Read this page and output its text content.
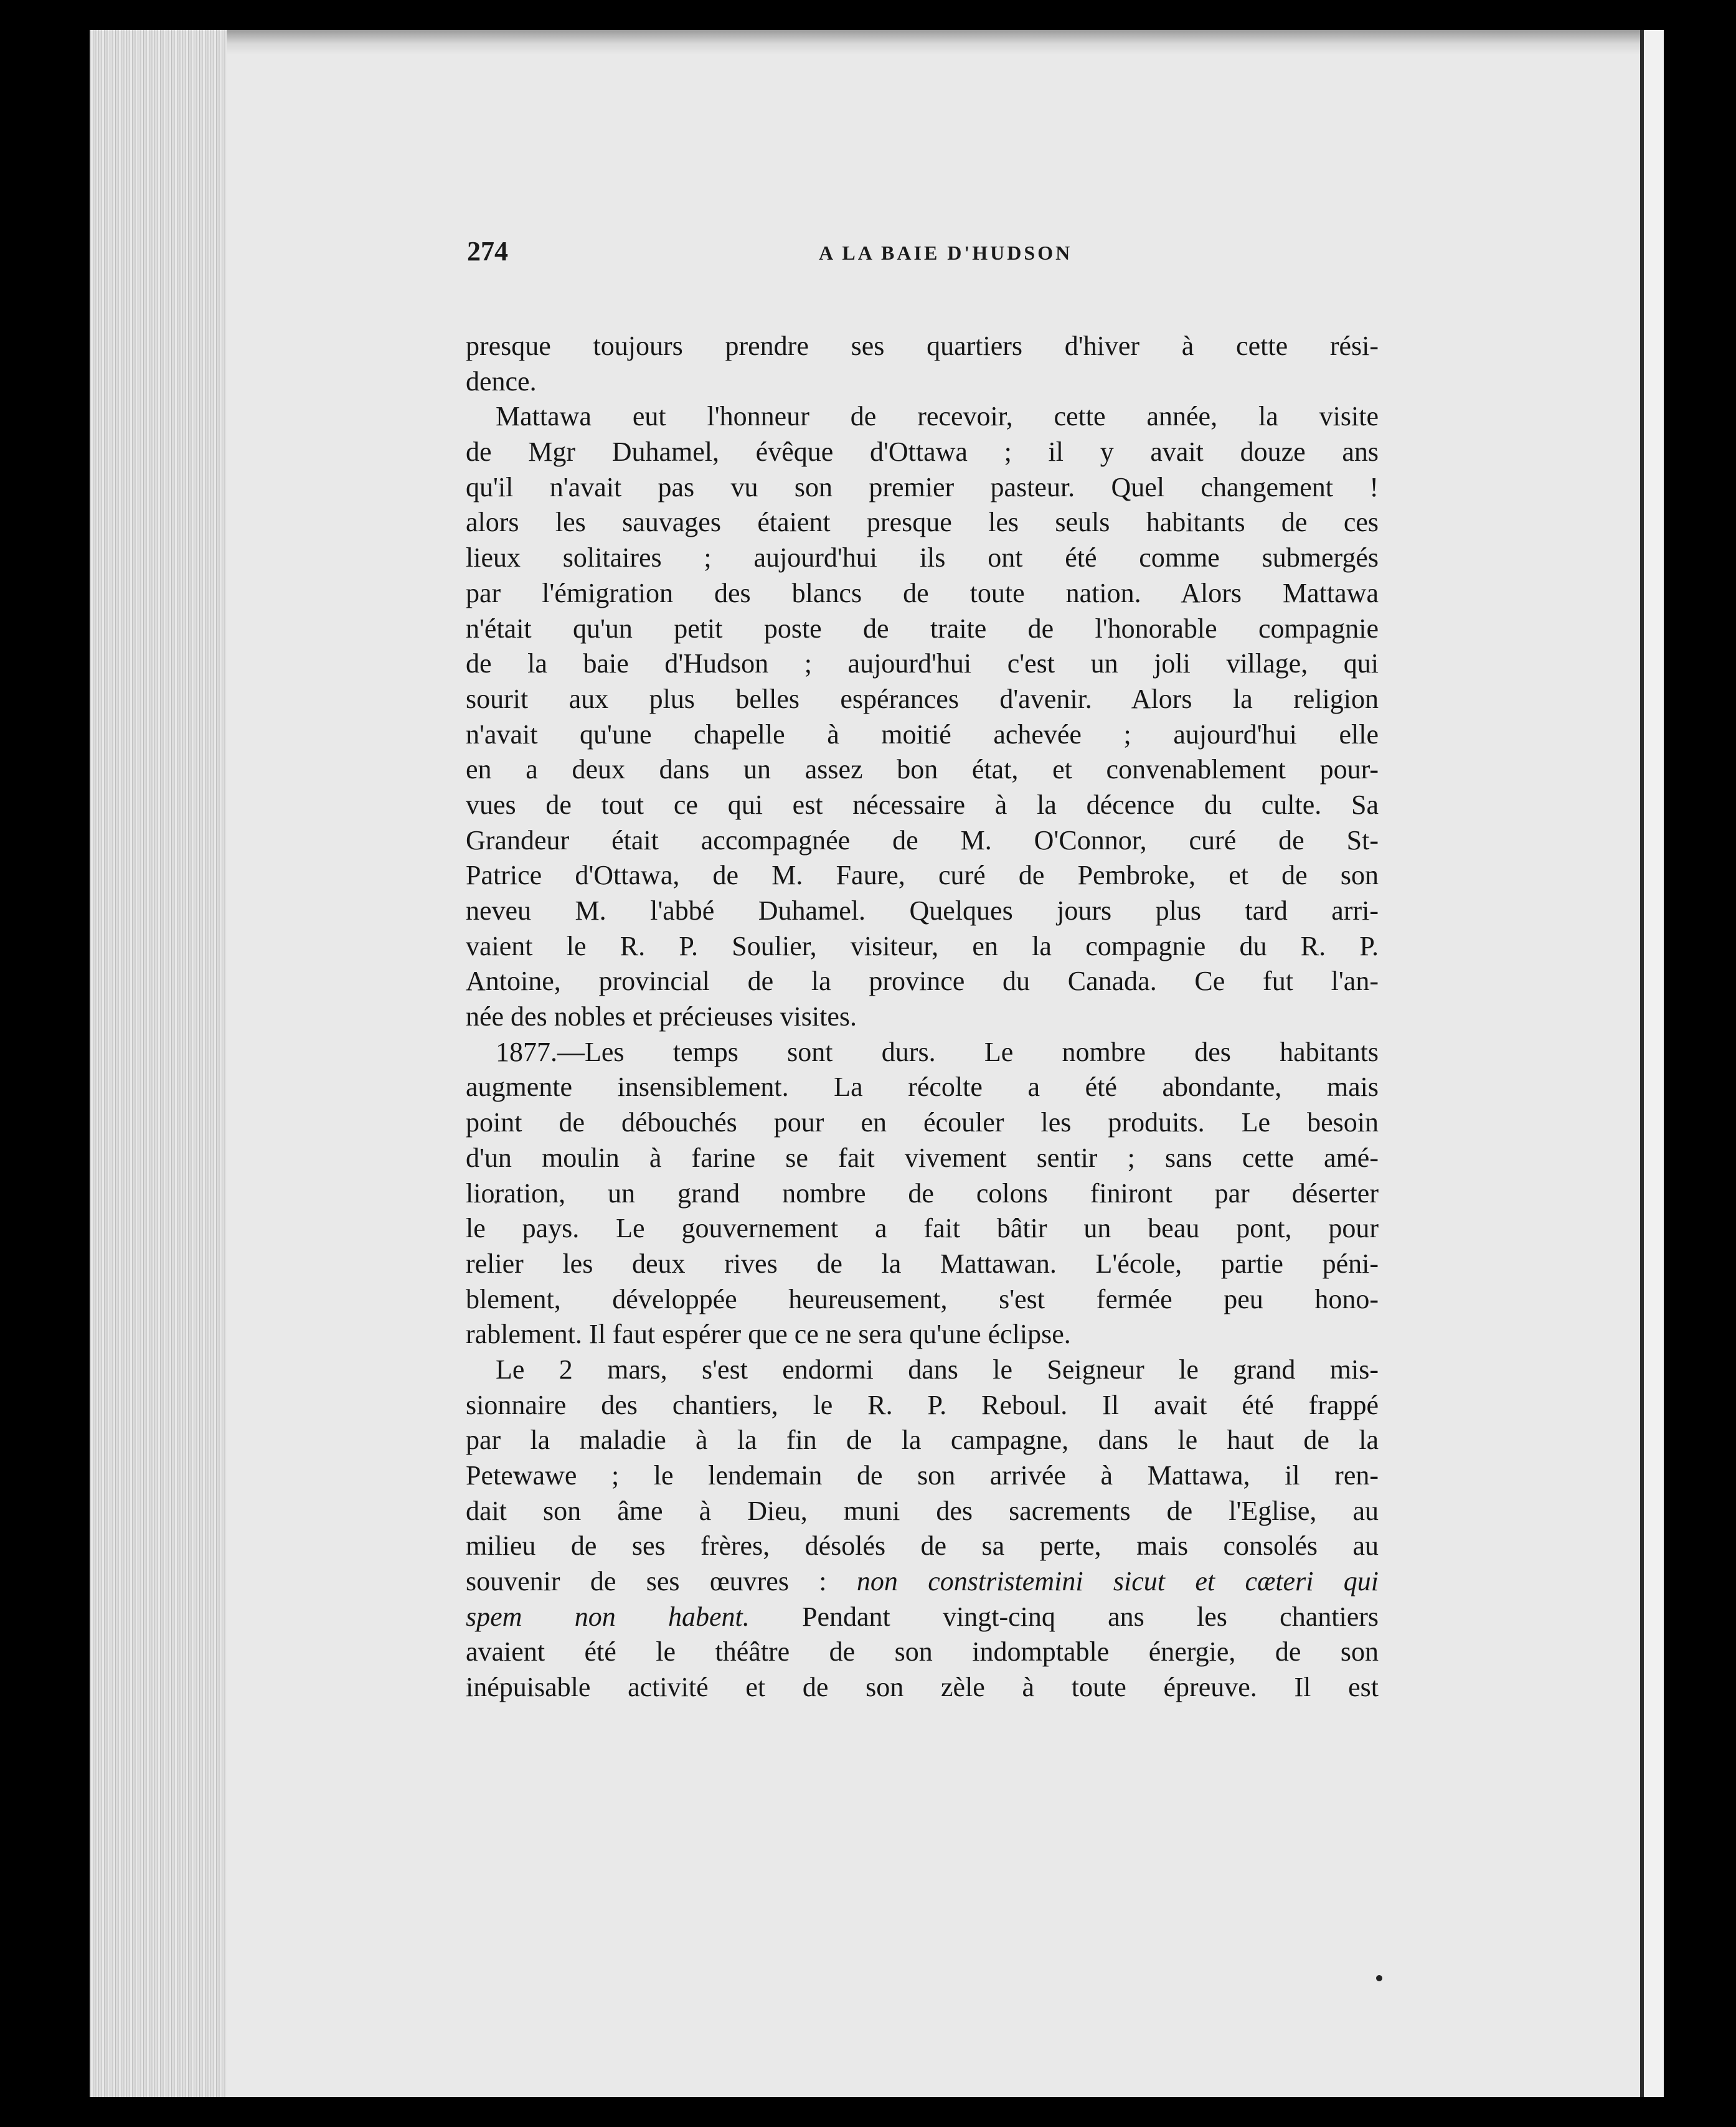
274	A LA BAIE D'HUDSON
presque toujours prendre ses quartiers d'hiver à cette rési-
dence.
Mattawa eut l'honneur de recevoir, cette année, la visite
de Mgr Duhamel, évêque d'Ottawa ; il y avait douze ans
qu'il n'avait pas vu son premier pasteur. Quel changement !
alors les sauvages étaient presque les seuls habitants de ces
lieux solitaires ; aujourd'hui ils ont été comme submergés
par l'émigration des blancs de toute nation. Alors Mattawa
n'était qu'un petit poste de traite de l'honorable compagnie
de la baie d'Hudson ; aujourd'hui c'est un joli village, qui
sourit aux plus belles espérances d'avenir. Alors la religion
n'avait qu'une chapelle à moitié achevée ; aujourd'hui elle
en a deux dans un assez bon état, et convenablement pour-
vues de tout ce qui est nécessaire à la décence du culte. Sa
Grandeur était accompagnée de M. O'Connor, curé de St-
Patrice d'Ottawa, de M. Faure, curé de Pembroke, et de son
neveu M. l'abbé Duhamel. Quelques jours plus tard arri-
vaient le R. P. Soulier, visiteur, en la compagnie du R. P.
Antoine, provincial de la province du Canada. Ce fut l'an-
née des nobles et précieuses visites.
1877.—Les temps sont durs. Le nombre des habitants
augmente insensiblement. La récolte a été abondante, mais
point de débouchés pour en écouler les produits. Le besoin
d'un moulin à farine se fait vivement sentir ; sans cette amé-
lioration, un grand nombre de colons finiront par déserter
le pays. Le gouvernement a fait bâtir un beau pont, pour
relier les deux rives de la Mattawan. L'école, partie péni-
blement, développée heureusement, s'est fermée peu hono-
rablement. Il faut espérer que ce ne sera qu'une éclipse.
Le 2 mars, s'est endormi dans le Seigneur le grand mis-
sionnaire des chantiers, le R. P. Reboul. Il avait été frappé
par la maladie à la fin de la campagne, dans le haut de la
Petewawe ; le lendemain de son arrivée à Mattawa, il ren-
dait son âme à Dieu, muni des sacrements de l'Eglise, au
milieu de ses frères, désolés de sa perte, mais consolés au
souvenir de ses œuvres : non constristemini sicut et cæteri qui
spem non habent. Pendant vingt-cinq ans les chantiers
avaient été le théâtre de son indomptable énergie, de son
inépuisable activité et de son zèle à toute épreuve. Il est
